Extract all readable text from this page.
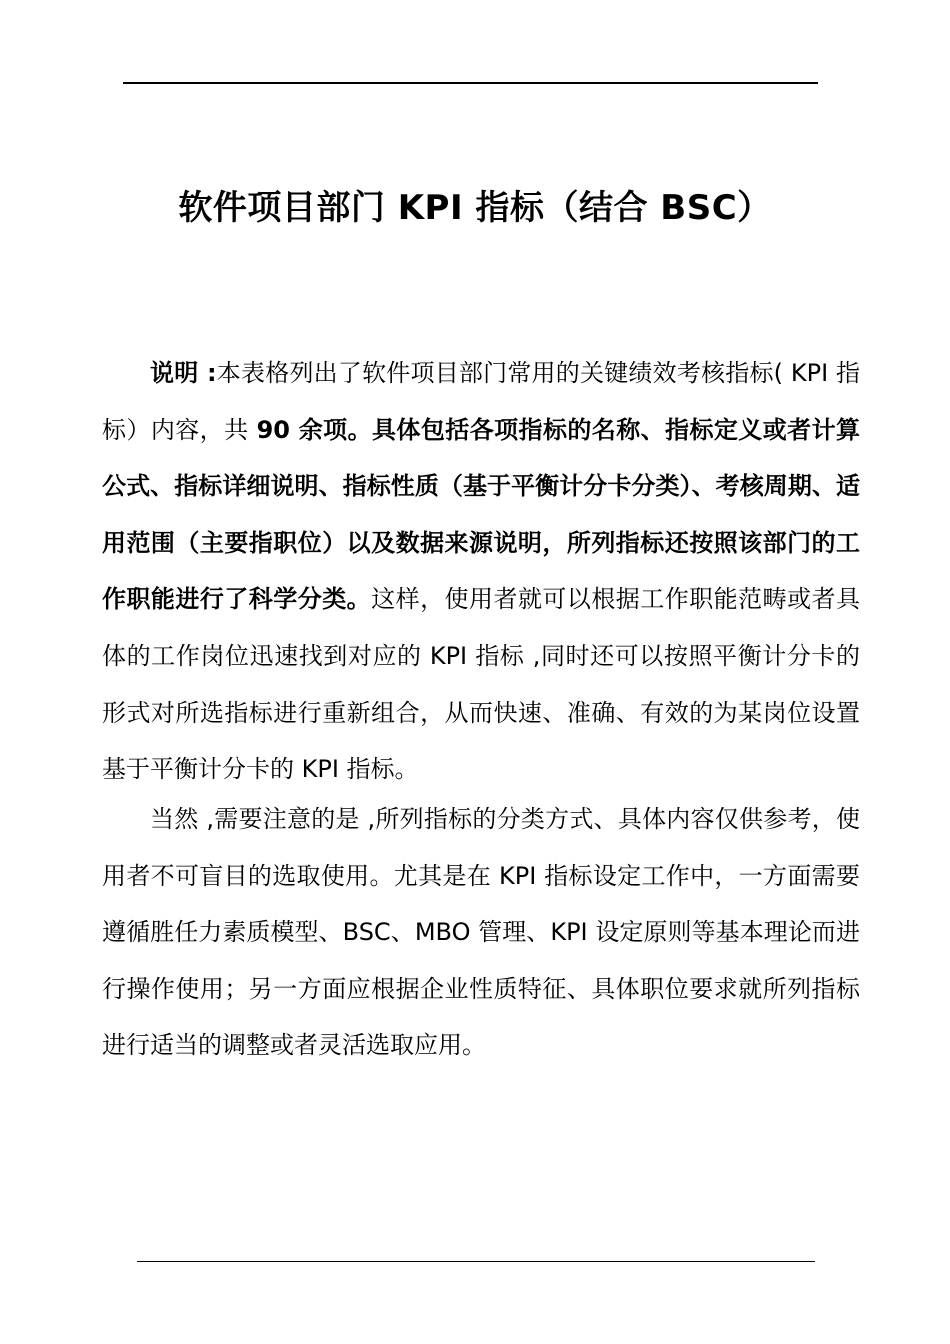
软件项目部门 KPI 指标（结合 BSC）

说明 :本表格列出了软件项目部门常用的关键绩效考核指标( KPI 指标）内容，共 90 余项。具体包括各项指标的名称、指标定义或者计算公式、指标详细说明、指标性质（基于平衡计分卡分类）、考核周期、适用范围（主要指职位）以及数据来源说明，所列指标还按照该部门的工作职能进行了科学分类。这样，使用者就可以根据工作职能范畴或者具体的工作岗位迅速找到对应的 KPI 指标 ,同时还可以按照平衡计分卡的形式对所选指标进行重新组合，从而快速、准确、有效的为某岗位设置基于平衡计分卡的 KPI 指标。

当然 ,需要注意的是 ,所列指标的分类方式、具体内容仅供参考，使用者不可盲目的选取使用。尤其是在 KPI 指标设定工作中，一方面需要遵循胜任力素质模型、BSC、MBO 管理、KPI 设定原则等基本理论而进行操作使用；另一方面应根据企业性质特征、具体职位要求就所列指标进行适当的调整或者灵活选取应用。
